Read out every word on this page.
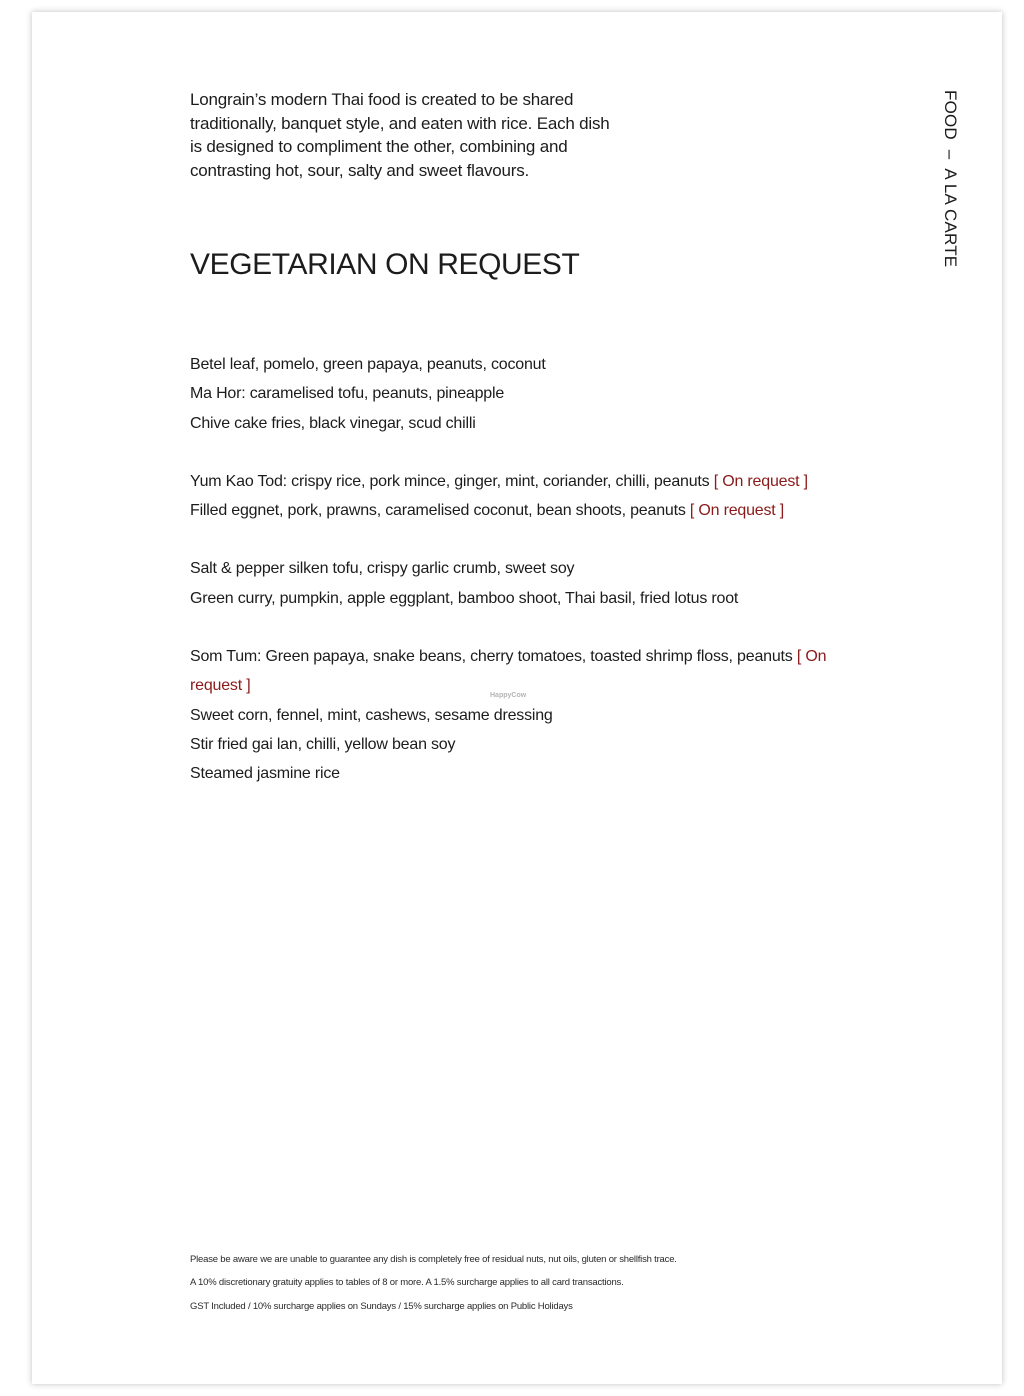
Longrain’s modern Thai food is created to be shared traditionally, banquet style, and eaten with rice. Each dish is designed to compliment the other, combining and contrasting hot, sour, salty and sweet flavours.	FOOD  –  A LA CARTE
VEGETARIAN ON REQUEST
Betel leaf, pomelo, green papaya, peanuts, coconut
Ma Hor: caramelised tofu, peanuts, pineapple
Chive cake fries, black vinegar, scud chilli
Yum Kao Tod: crispy rice, pork mince, ginger, mint, coriander, chilli, peanuts [ On request ]
Filled eggnet, pork, prawns, caramelised coconut, bean shoots, peanuts [ On request ]
Salt & pepper silken tofu, crispy garlic crumb, sweet soy
Green curry, pumpkin, apple eggplant, bamboo shoot, Thai basil, fried lotus root
Som Tum: Green papaya, snake beans, cherry tomatoes, toasted shrimp floss, peanuts [ On request ]
Sweet corn, fennel, mint, cashews, sesame dressing
Stir fried gai lan, chilli, yellow bean soy
Steamed jasmine rice
HappyCow
Please be aware we are unable to guarantee any dish is completely free of residual nuts, nut oils, gluten or shellfish trace.
A 10% discretionary gratuity applies to tables of 8 or more. A 1.5% surcharge applies to all card transactions.
GST Included / 10% surcharge applies on Sundays / 15% surcharge applies on Public Holidays
